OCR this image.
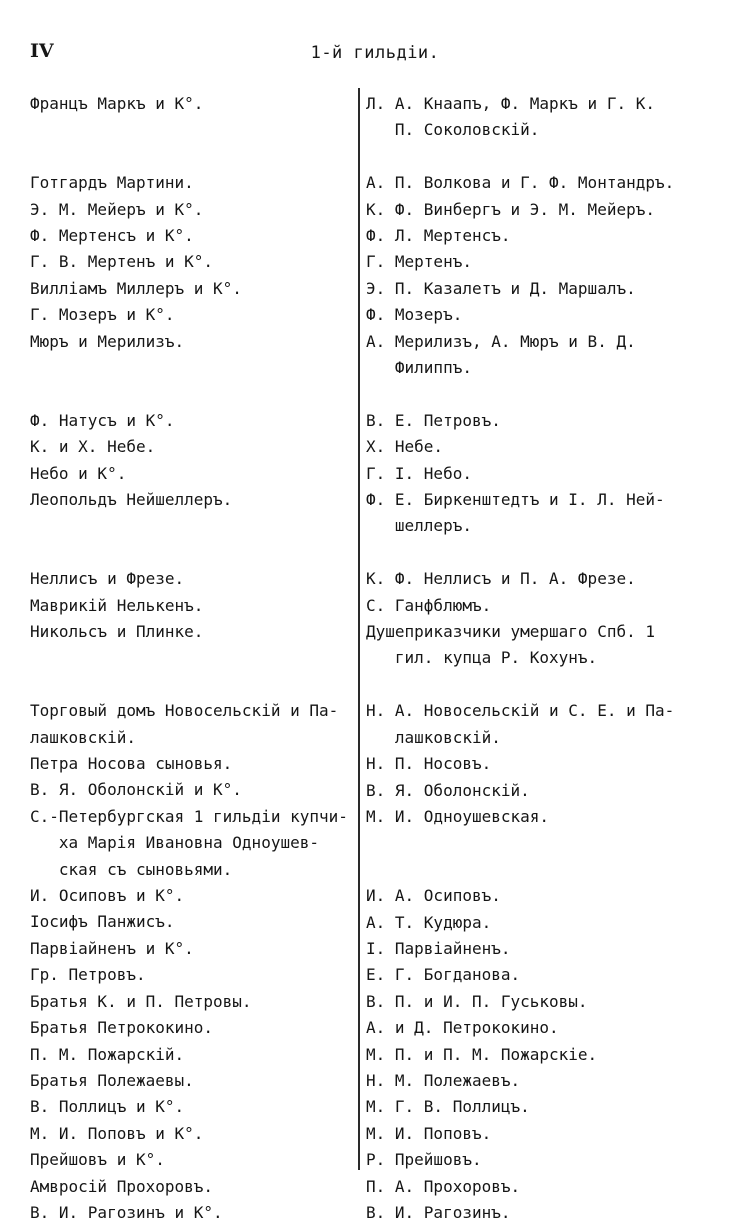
IV	1-й гильдіи.
Францъ Маркъ и К°.
Готгардъ Мартини.
Э. М. Мейеръ и К°.
Ф. Мертенсъ и К°.
Г. В. Мертенъ и К°.
Вилліамъ Миллеръ и К°.
Г. Мозеръ и К°.
Мюръ и Мерилизъ.
Ф. Натусъ и К°.
К. и Х. Небе.
Небо и К°.
Леопольдъ Нейшеллеръ.
Неллисъ и Фрезе.
Маврикій Нелькенъ.
Никольсъ и Плинке.
Торговый домъ Новосельскій и Па-
лашковскій.
Петра Носова сыновья.
В. Я. Оболонскій и К°.
С.-Петербургская 1 гильдіи купчи-
ха Марія Ивановна Одноушев-
ская съ сыновьями.
И. Осиповъ и К°.
Іосифъ Панжисъ.
Парвіайненъ и К°.
Гр. Петровъ.
Братья К. и П. Петровы.
Братья Петрококино.
П. М. Пожарскій.
Братья Полежаевы.
В. Поллицъ и К°.
М. И. Поповъ и К°.
Прейшовъ и К°.
Амвросій Прохоровъ.
В. И. Рагозинъ и К°.
Л. А. Кнаапъ, Ф. Маркъ и Г. К.
П. Соколовскій.
А. П. Волкова и Г. Ф. Монтандръ.
К. Ф. Винбергъ и Э. М. Мейеръ.
Ф. Л. Мертенсъ.
Г. Мертенъ.
Э. П. Казалетъ и Д. Маршалъ.
Ф. Мозеръ.
А. Мерилизъ, А. Мюръ и В. Д.
Филиппъ.
В. Е. Петровъ.
Х. Небе.
Г. І. Небо.
Ф. Е. Биркенштедтъ и І. Л. Ней-
шеллеръ.
К. Ф. Неллисъ и П. А. Фрезе.
С. Ганфблюмъ.
Душеприказчики умершаго Спб. 1
гил. купца Р. Кохунъ.
Н. А. Новосельскій и С. Е. и Па-
лашковскій.
Н. П. Носовъ.
В. Я. Оболонскій.
М. И. Одноушевская.
И. А. Осиповъ.
А. Т. Кудюра.
І. Парвіайненъ.
Е. Г. Богданова.
В. П. и И. П. Гуськовы.
А. и Д. Петрококино.
М. П. и П. М. Пожарскіе.
Н. М. Полежаевъ.
М. Г. В. Поллицъ.
М. И. Поповъ.
Р. Прейшовъ.
П. А. Прохоровъ.
В. И. Рагозинъ.
